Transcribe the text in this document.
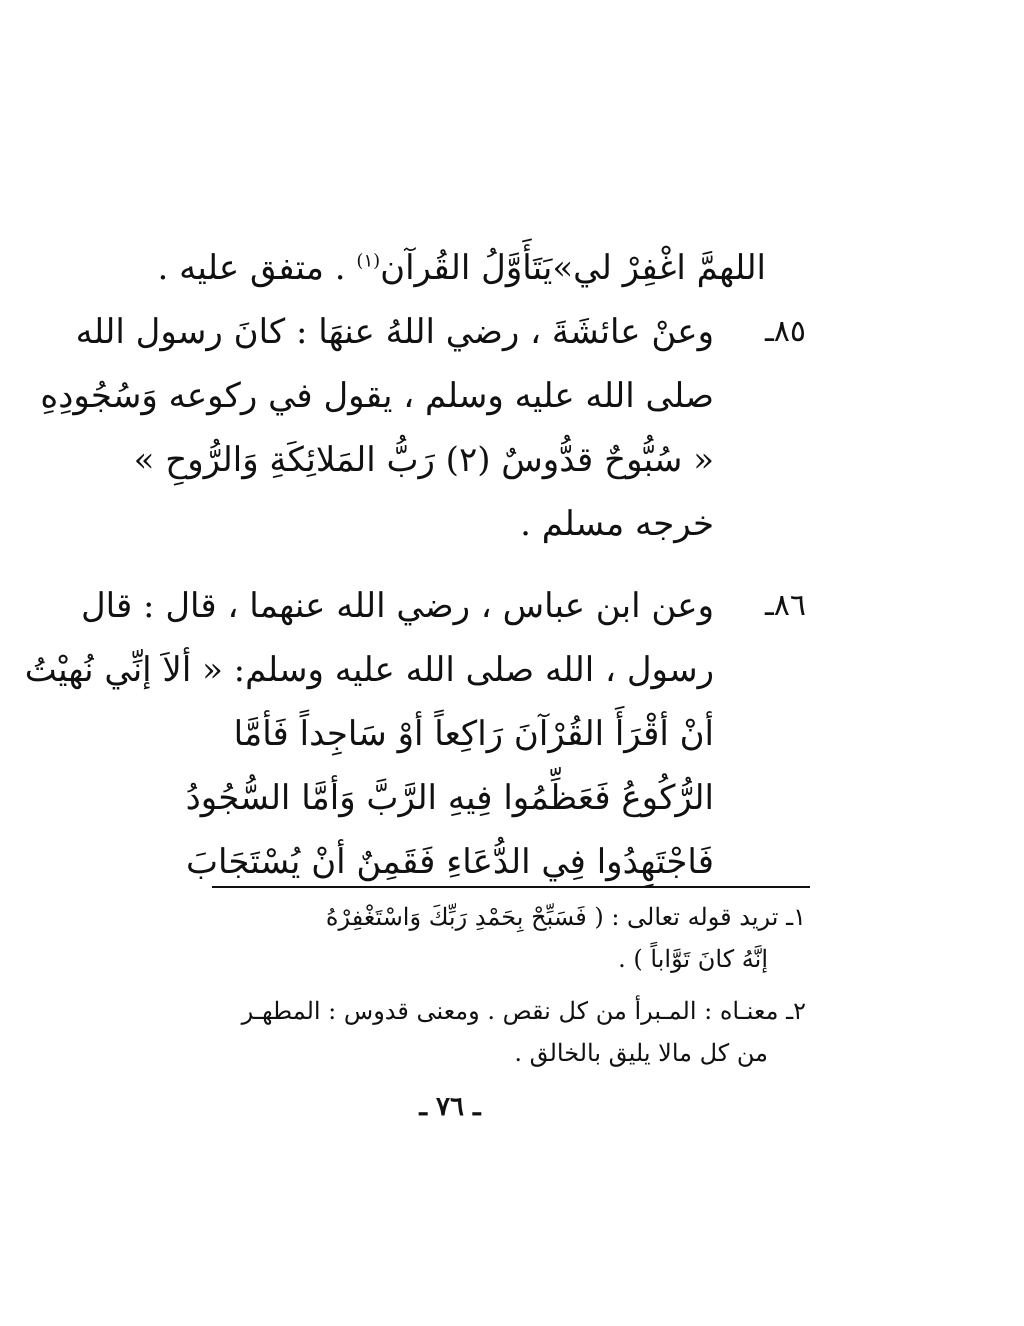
اللهمَّ اغْفِرْ لي»يَتَأَوَّلُ القُرآن$^{(١)}$ . متفق عليه .
٨٥ـ
وعنْ عائشَةَ ، رضي اللهُ عنهَا : كانَ رسول الله
صلى الله عليه وسلم ، يقول في ركوعه وَسُجُودِهِ
« سُبُّوحٌ قدُّوسٌ (٢) رَبُّ المَلائِكَةِ وَالرُّوحِ »
خرجه مسلم .
٨٦ـ
وعن ابن عباس ، رضي الله عنهما ، قال : قال
رسول ، الله صلى الله عليه وسلم: « ألاَ إنِّي نُهيْتُ
أنْ أقْرَأَ القُرْآنَ رَاكِعاً أوْ سَاجِداً فَأمَّا
الرُّكُوعُ فَعَظِّمُوا فِيهِ الرَّبَّ وَأمَّا السُّجُودُ
فَاجْتَهِدُوا فِي الدُّعَاءِ فَقَمِنٌ أنْ يُسْتَجَابَ
١ـ تريد قوله تعالى : ( فَسَبِّحْ بِحَمْدِ رَبِّكَ وَاسْتَغْفِرْهُ
إنَّهُ كانَ تَوَّاباً ) .
٢ـ معنـاه : المـبرأ من كل نقص . ومعنى قدوس : المطهـر
من كل مالا يليق بالخالق .
ـ ٧٦ ـ
